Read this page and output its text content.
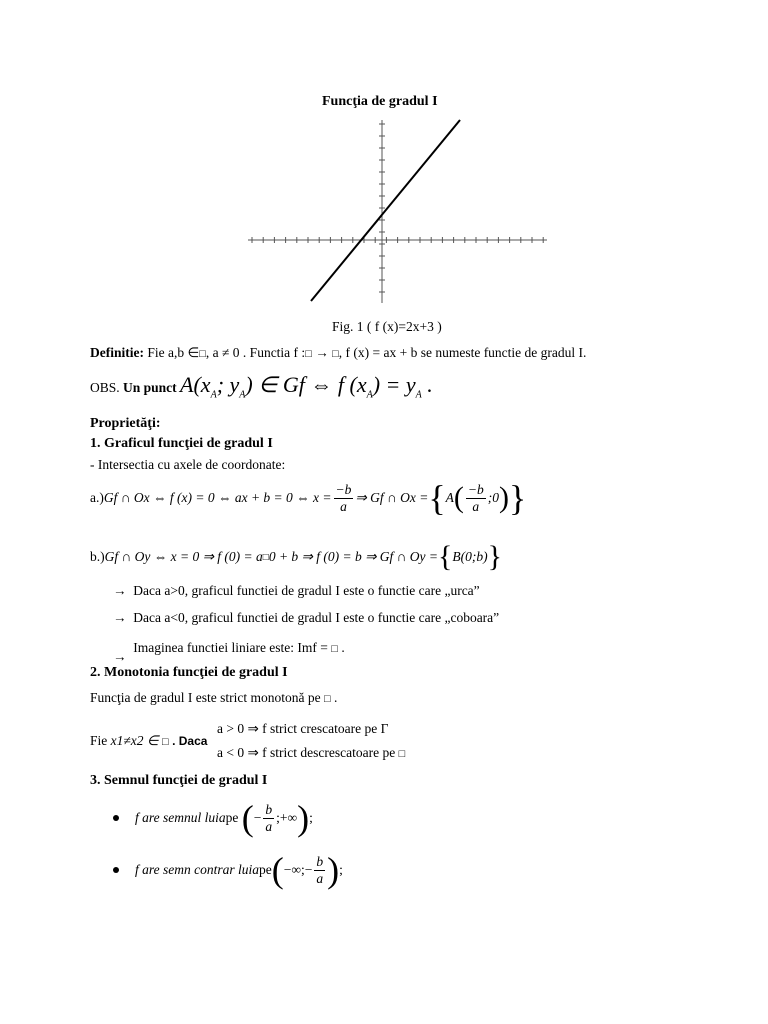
Funcţia de gradul I
Fig. 1 ( f (x)=2x+3 )
Definitie: Fie a,b ∈□, a ≠ 0 . Functia f :□ → □, f (x) = ax + b se numeste functie de gradul I.
OBS. Un punct $A(x_A$; $y_A$) ∈ Gf ⇔ f $(x_A) = y_A$ .
Proprietăţi:
1. Graficul funcţiei de gradul I
- Intersectia cu axele de coordonate:
a.) Gf ∩ Ox ⇔ f (x) = 0 ⇔ ax + b = 0 ⇔ $x = \frac{-b}{a}$ ⇒ Gf ∩ Ox = { A ( $\frac{-b}{a}$ ;0 ) }
b.) Gf ∩ Oy ⇔ x = 0 ⇒ f (0) = a □ 0 + b ⇒ f (0) = b ⇒ Gf ∩ Oy = { B(0;b) }
→ Daca a>0, graficul functiei de gradul I este o functie care „urca”
→ Daca a<0, graficul functiei de gradul I este o functie care „coboara”
→  Imaginea functiei liniare este: Imf = □ .
2. Monotonia funcţiei de gradul I
Funcţia de gradul I este strict monotonă pe □ .
Fie x1≠x2 ∈ □ . Daca
a > 0 ⇒ f strict crescatoare pe Γ
a < 0 ⇒ f strict descrescatoare pe □
3. Semnul funcţiei de gradul I
f are semnul lui a pe
( − $\frac{b}{a}$ ;+∞ ) ;
f are semn contrar lui a pe ( −∞;− $\frac{b}{a}$ ) ;
